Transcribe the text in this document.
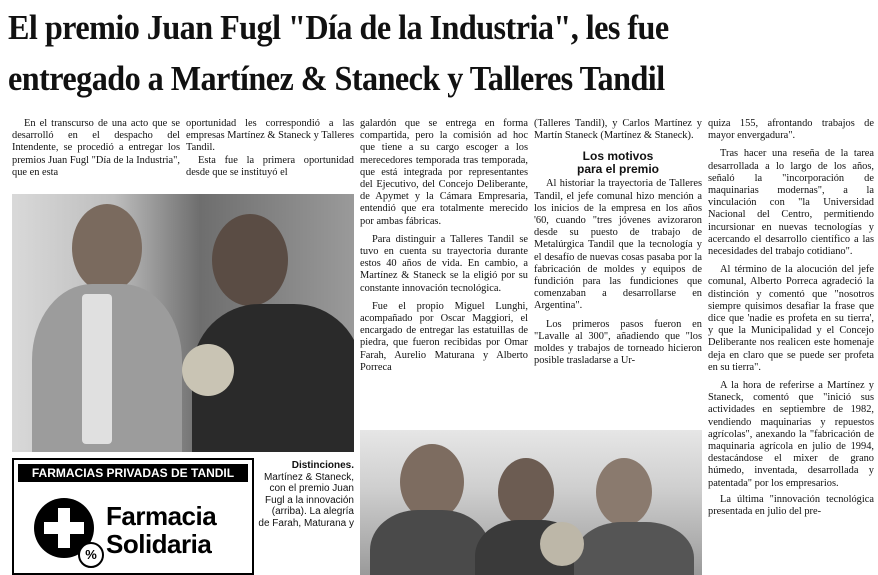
El premio Juan Fugl "Día de la Industria", les fue
entregado a Martínez & Staneck y Talleres Tandil

En el transcurso de una acto que se desarrolló en el despacho del Intendente, se procedió a entregar los premios Juan Fugl "Día de la Industria", que en esta

oportunidad les correspondió a las empresas Martínez & Staneck y Talleres Tandil.

Esta fue la primera oportunidad desde que se instituyó el

galardón que se entrega en forma compartida, pero la comisión ad hoc que tiene a su cargo escoger a los merecedores temporada tras temporada, que está integrada por representantes del Ejecutivo, del Concejo Deliberante, de Apymet y la Cámara Empresaria, entendió que era totalmente merecido por ambas fábricas.

Para distinguir a Talleres Tandil se tuvo en cuenta su trayectoria durante estos 40 años de vida. En cambio, a Martínez & Staneck se la eligió por su constante innovación tecnológica.

Fue el propio Miguel Lunghi, acompañado por Oscar Maggiori, el encargado de entregar las estatuillas de piedra, que fueron recibidas por Omar Farah, Aurelio Maturana y Alberto Porreca

(Talleres Tandil), y Carlos Martínez y Martín Staneck (Martínez & Staneck).

Los motivos
para el premio

Al historiar la trayectoria de Talleres Tandil, el jefe comunal hizo mención a los inicios de la empresa en los años '60, cuando "tres jóvenes avizoraron desde su puesto de trabajo de Metalúrgica Tandil que la tecnología y el desafío de nuevas cosas pasaba por la fabricación de moldes y equipos de fundición para las fundiciones que comenzaban a desarrollarse en Argentina".

Los primeros pasos fueron en "Lavalle al 300", añadiendo que "los moldes y trabajos de torneado hicieron posible trasladarse a Ur-

quiza 155, afrontando trabajos de mayor envergadura".

Tras hacer una reseña de la tarea desarrollada a lo largo de los años, señaló la "incorporación de maquinarias modernas", a la vinculación con "la Universidad Nacional del Centro, permitiendo incursionar en nuevas tecnologías y acercando el desarrollo científico a las necesidades del trabajo cotidiano".

Al término de la alocución del jefe comunal, Alberto Porreca agradeció la distinción y comentó que "nosotros siempre quisimos desafiar la frase que dice que 'nadie es profeta en su tierra', y que la Municipalidad y el Concejo Deliberante nos realicen este homenaje deja en claro que se puede ser profeta en su tierra".

A la hora de referirse a Martínez y Staneck, comentó que "inició sus actividades en septiembre de 1982, vendiendo maquinarias y repuestos agrícolas", anexando la "fabricación de maquinaria agrícola en julio de 1994, destacándose el mixer de grano húmedo, inventada, desarrollada y patentada" por los empresarios.

La última "innovación tecnológica presentada en julio del pre-

FARMACIAS PRIVADAS DE TANDIL
%
Farmacia
Solidaria
Distinciones. Martínez & Staneck, con el premio Juan Fugl a la innovación (arriba). La alegría de Farah, Maturana y
